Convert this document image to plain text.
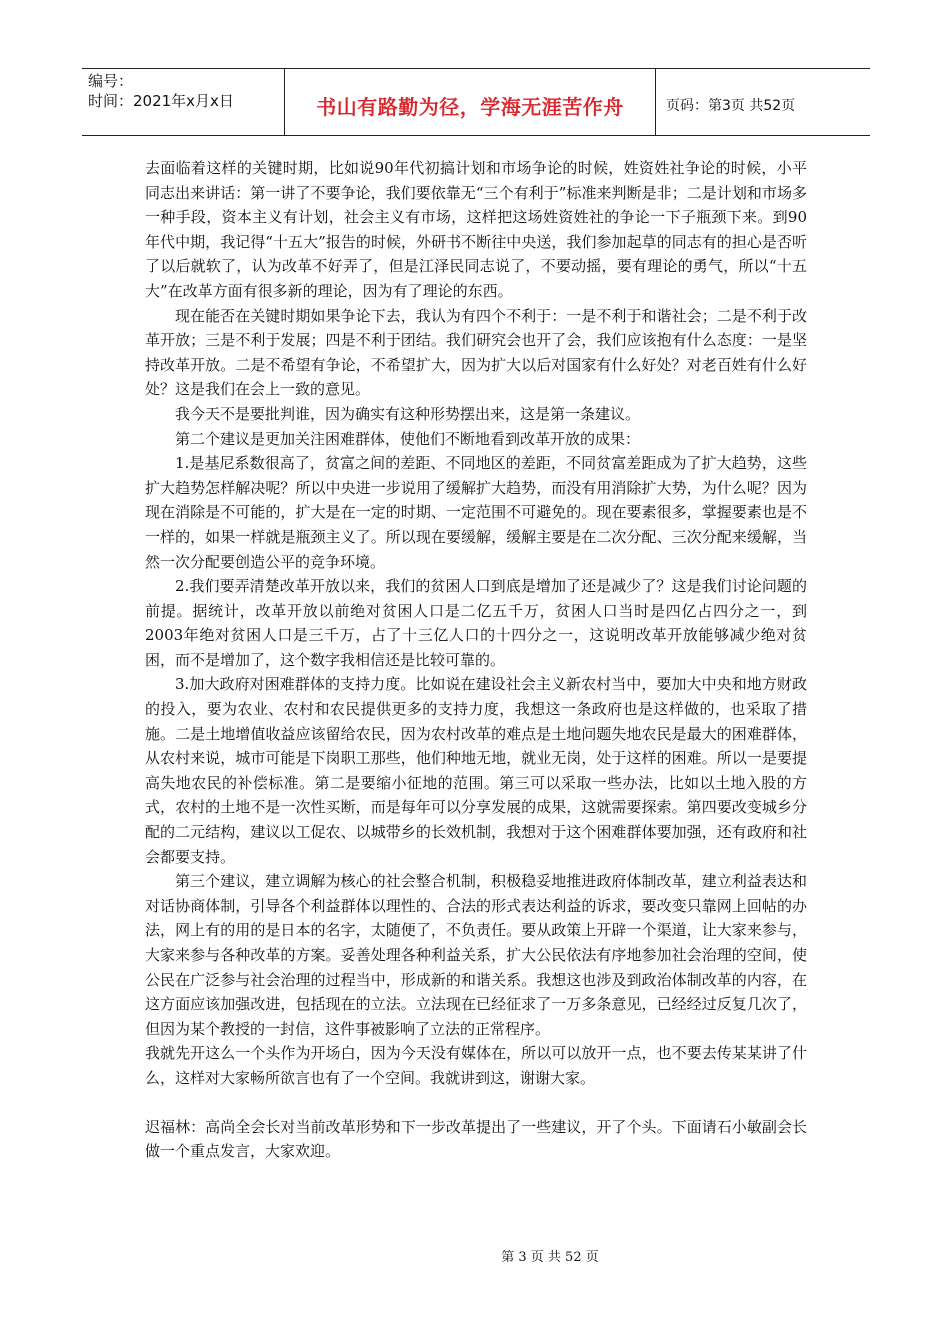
编号：
时间：2021年x月x日	书山有路勤为径，学海无涯苦作舟	页码：第3页 共52页

去面临着这样的关键时期，比如说90年代初搞计划和市场争论的时候，姓资姓社争论的时候，小平同志出来讲话：第一讲了不要争论，我们要依靠无“三个有利于”标准来判断是非；二是计划和市场多一种手段，资本主义有计划，社会主义有市场，这样把这场姓资姓社的争论一下子瓶颈下来。到90年代中期，我记得“十五大”报告的时候，外研书不断往中央送，我们参加起草的同志有的担心是否听了以后就软了，认为改革不好弄了，但是江泽民同志说了，不要动摇，要有理论的勇气，所以“十五大”在改革方面有很多新的理论，因为有了理论的东西。

现在能否在关键时期如果争论下去，我认为有四个不利于：一是不利于和谐社会；二是不利于改革开放；三是不利于发展；四是不利于团结。我们研究会也开了会，我们应该抱有什么态度：一是坚持改革开放。二是不希望有争论，不希望扩大，因为扩大以后对国家有什么好处？对老百姓有什么好处？这是我们在会上一致的意见。

我今天不是要批判谁，因为确实有这种形势摆出来，这是第一条建议。

第二个建议是更加关注困难群体，使他们不断地看到改革开放的成果：

1.是基尼系数很高了，贫富之间的差距、不同地区的差距，不同贫富差距成为了扩大趋势，这些扩大趋势怎样解决呢？所以中央进一步说用了缓解扩大趋势，而没有用消除扩大势，为什么呢？因为现在消除是不可能的，扩大是在一定的时期、一定范围不可避免的。现在要素很多，掌握要素也是不一样的，如果一样就是瓶颈主义了。所以现在要缓解，缓解主要是在二次分配、三次分配来缓解，当然一次分配要创造公平的竞争环境。

2.我们要弄清楚改革开放以来，我们的贫困人口到底是增加了还是减少了？这是我们讨论问题的前提。据统计，改革开放以前绝对贫困人口是二亿五千万，贫困人口当时是四亿占四分之一，到2003年绝对贫困人口是三千万，占了十三亿人口的十四分之一，这说明改革开放能够减少绝对贫困，而不是增加了，这个数字我相信还是比较可靠的。

3.加大政府对困难群体的支持力度。比如说在建设社会主义新农村当中，要加大中央和地方财政的投入，要为农业、农村和农民提供更多的支持力度，我想这一条政府也是这样做的，也采取了措施。二是土地增值收益应该留给农民，因为农村改革的难点是土地问题失地农民是最大的困难群体，从农村来说，城市可能是下岗职工那些，他们种地无地，就业无岗，处于这样的困难。所以一是要提高失地农民的补偿标准。第二是要缩小征地的范围。第三可以采取一些办法，比如以土地入股的方式，农村的土地不是一次性买断，而是每年可以分享发展的成果，这就需要探索。第四要改变城乡分配的二元结构，建议以工促农、以城带乡的长效机制，我想对于这个困难群体要加强，还有政府和社会都要支持。

第三个建议，建立调解为核心的社会整合机制，积极稳妥地推进政府体制改革，建立利益表达和对话协商体制，引导各个利益群体以理性的、合法的形式表达利益的诉求，要改变只靠网上回帖的办法，网上有的用的是日本的名字，太随便了，不负责任。要从政策上开辟一个渠道，让大家来参与，大家来参与各种改革的方案。妥善处理各种利益关系，扩大公民依法有序地参加社会治理的空间，使公民在广泛参与社会治理的过程当中，形成新的和谐关系。我想这也涉及到政治体制改革的内容，在这方面应该加强改进，包括现在的立法。立法现在已经征求了一万多条意见，已经经过反复几次了，但因为某个教授的一封信，这件事被影响了立法的正常程序。

我就先开这么一个头作为开场白，因为今天没有媒体在，所以可以放开一点，也不要去传某某讲了什么，这样对大家畅所欲言也有了一个空间。我就讲到这，谢谢大家。

迟福林：高尚全会长对当前改革形势和下一步改革提出了一些建议，开了个头。下面请石小敏副会长做一个重点发言，大家欢迎。

第 3 页 共 52 页
